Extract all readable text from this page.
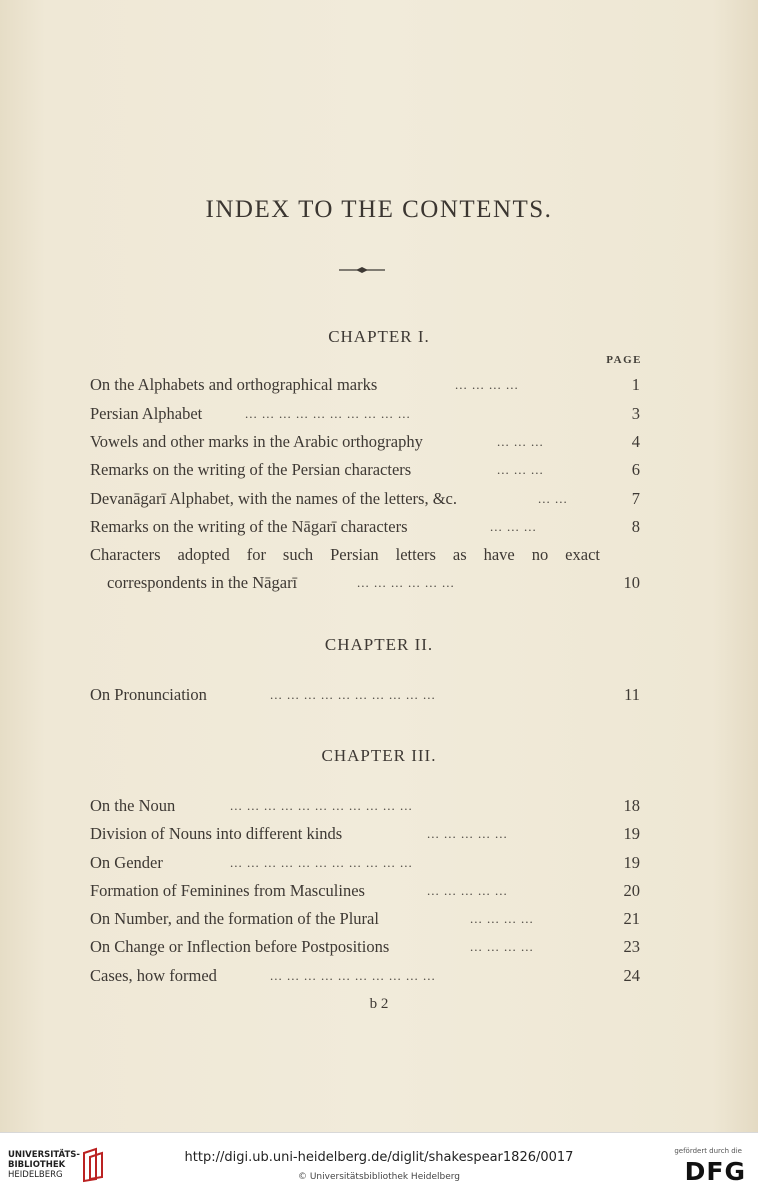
INDEX TO THE CONTENTS.
CHAPTER I.
PAGE
On the Alphabets and orthographical marks	... ... ... ...	1
Persian Alphabet	... ... ... ... ... ... ... ... ... ...	3
Vowels and other marks in the Arabic orthography	... ... ...	4
Remarks on the writing of the Persian characters	... ... ...	6
Devanāgarī Alphabet, with the names of the letters, &c.	... ...	7
Remarks on the writing of the Nāgarī characters	... ... ...	8
Characters adopted for such Persian letters as have no exact
correspondents in the Nāgarī	... ... ... ... ... ...	10
CHAPTER II.
On Pronunciation	... ... ... ... ... ... ... ... ... ...	11
CHAPTER III.
On the Noun	... ... ... ... ... ... ... ... ... ... ...	18
Division of Nouns into different kinds	... ... ... ... ...	19
On Gender	... ... ... ... ... ... ... ... ... ... ...	19
Formation of Feminines from Masculines	... ... ... ... ...	20
On Number, and the formation of the Plural	... ... ... ...	21
On Change or Inflection before Postpositions	... ... ... ...	23
Cases, how formed	... ... ... ... ... ... ... ... ... ...	24
b 2
UNIVERSITÄTS-
BIBLIOTHEK
HEIDELBERG
http://digi.ub.uni-heidelberg.de/diglit/shakespear1826/0017
© Universitätsbibliothek Heidelberg
gefördert durch die
DFG
